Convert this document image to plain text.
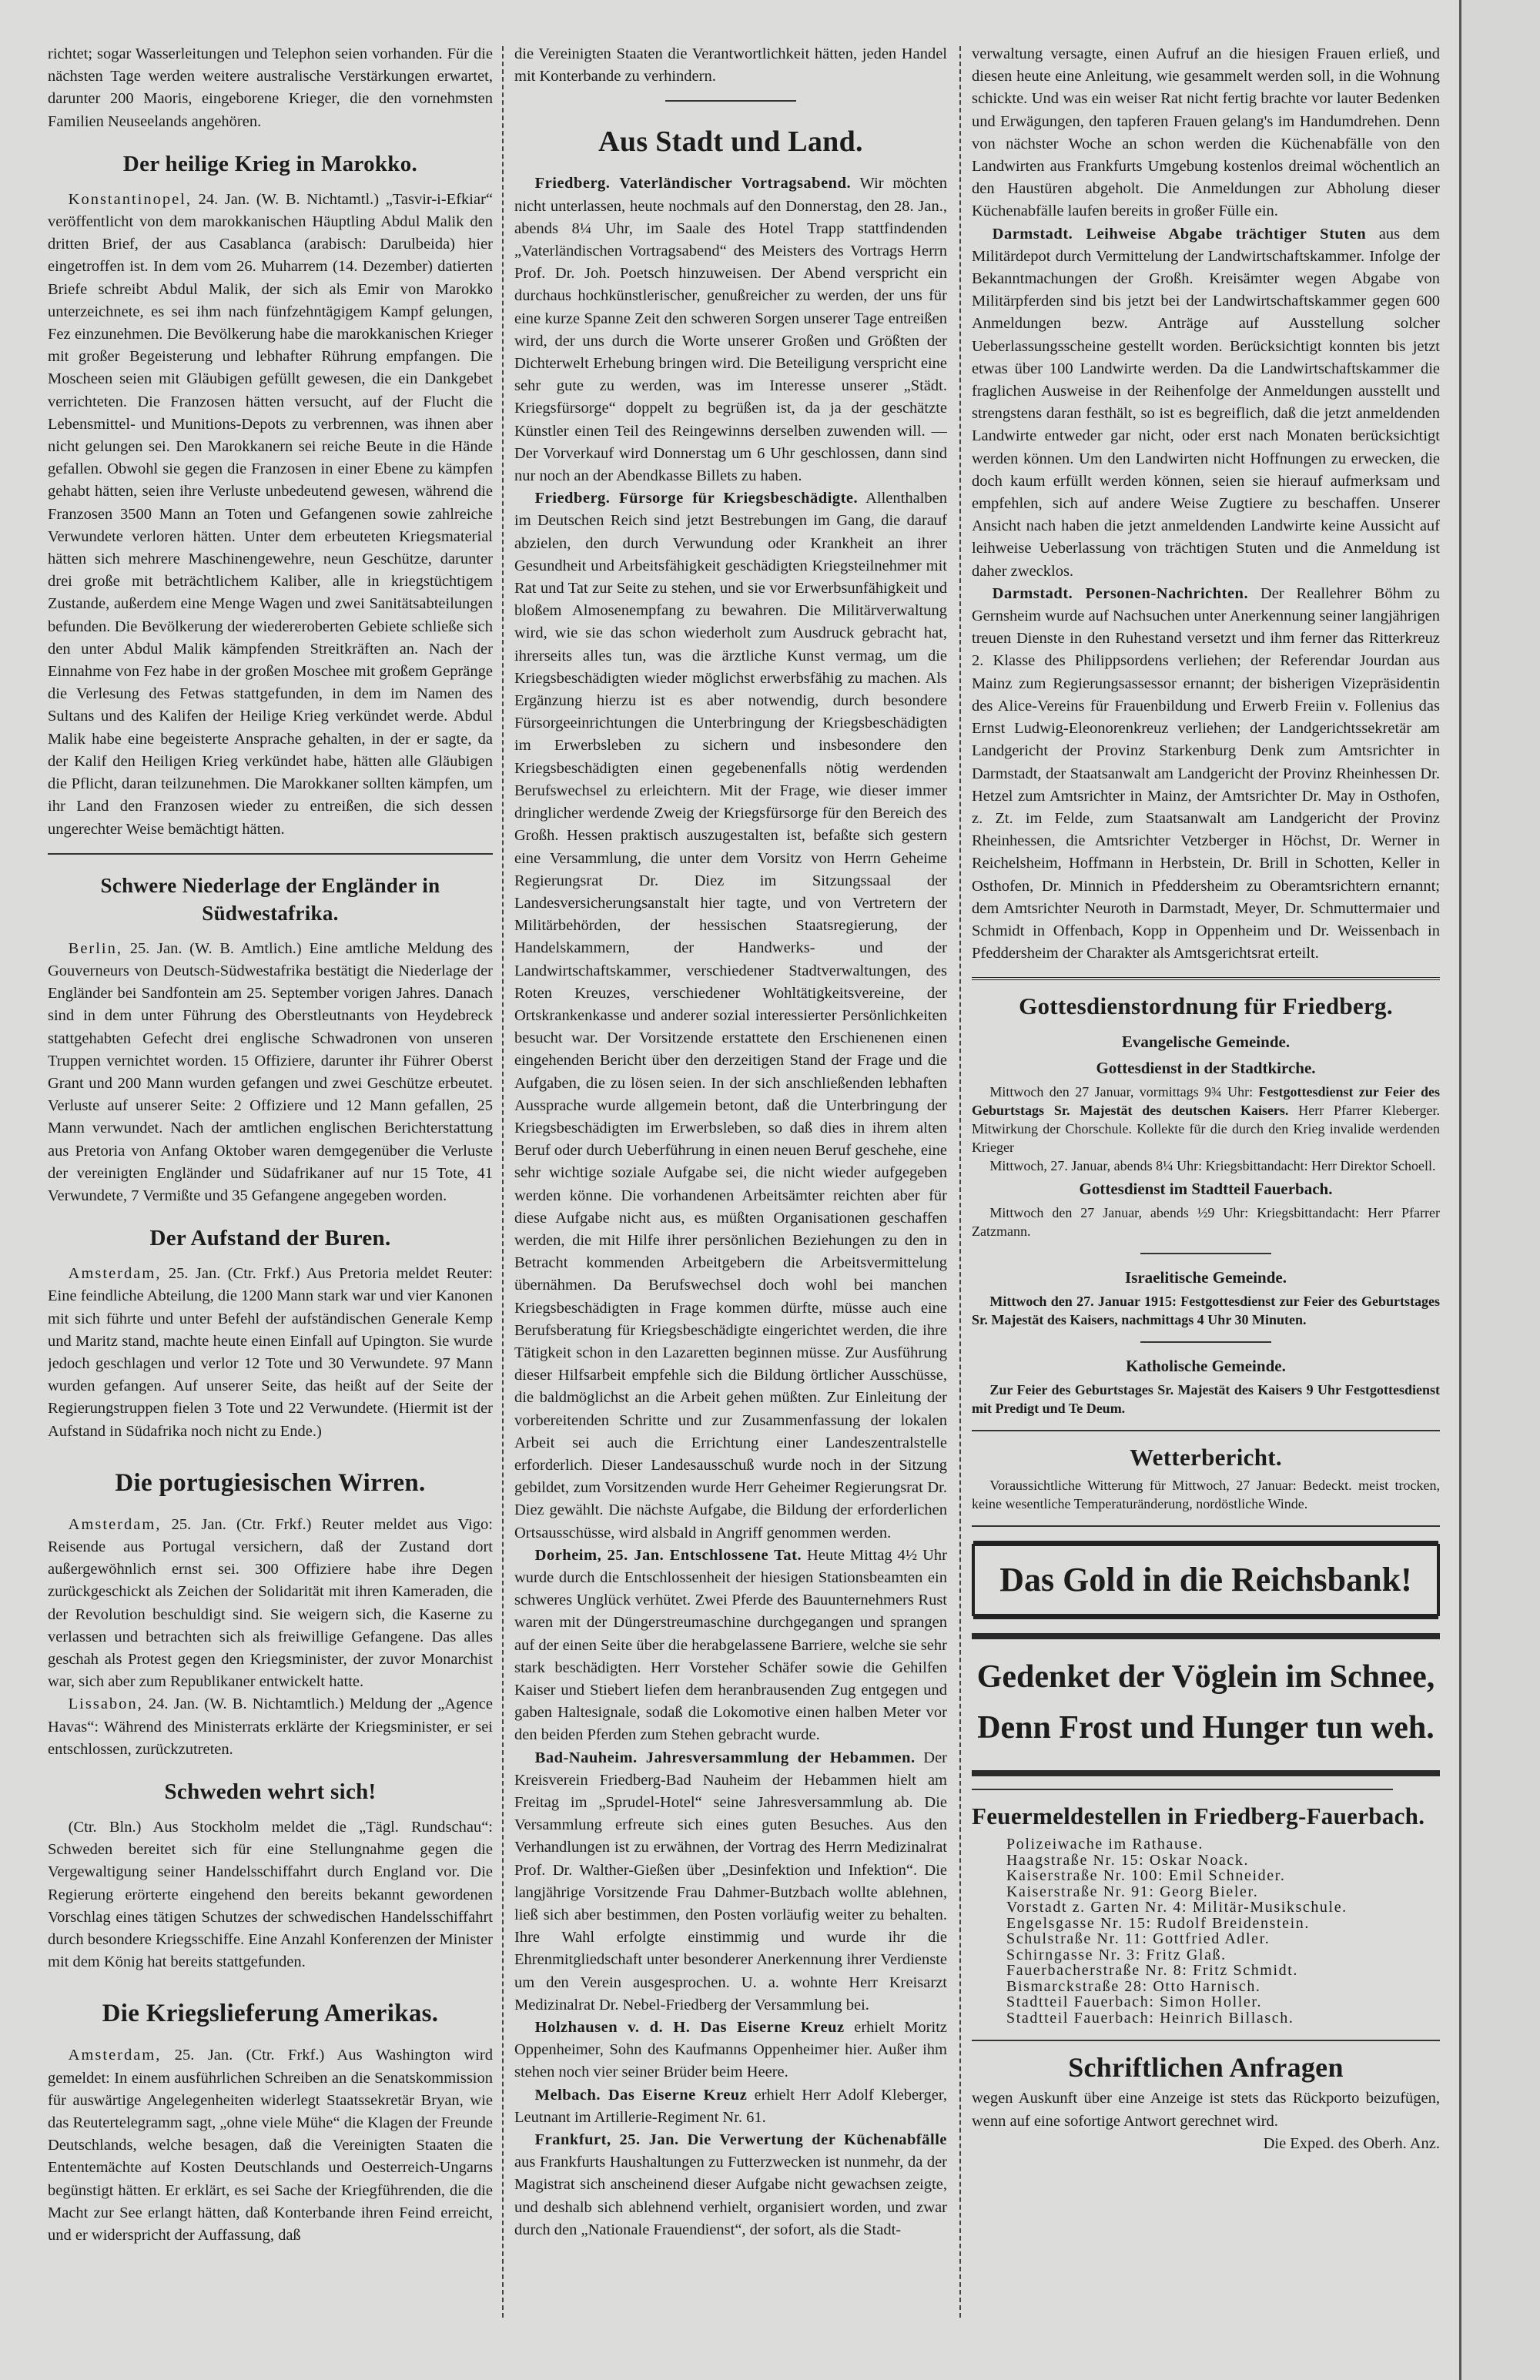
richtet; sogar Wasserleitungen und Telephon seien vorhanden. Für die nächsten Tage werden weitere australische Verstärkungen erwartet, darunter 200 Maoris, eingeborene Krieger, die den vornehmsten Familien Neuseelands angehören.

Der heilige Krieg in Marokko.

Konstantinopel, 24. Jan. (W. B. Nichtamtl.) „Tasvir-i-Efkiar“ veröffentlicht von dem marokkanischen Häuptling Abdul Malik den dritten Brief, der aus Casablanca (arabisch: Darulbeida) hier eingetroffen ist. In dem vom 26. Muharrem (14. Dezember) datierten Briefe schreibt Abdul Malik, der sich als Emir von Marokko unterzeichnete, es sei ihm nach fünfzehntägigem Kampf gelungen, Fez einzunehmen. Die Bevölkerung habe die marokkanischen Krieger mit großer Begeisterung und lebhafter Rührung empfangen. Die Moscheen seien mit Gläubigen gefüllt gewesen, die ein Dankgebet verrichteten. Die Franzosen hätten versucht, auf der Flucht die Lebensmittel- und Munitions-Depots zu verbrennen, was ihnen aber nicht gelungen sei. Den Marokkanern sei reiche Beute in die Hände gefallen. Obwohl sie gegen die Franzosen in einer Ebene zu kämpfen gehabt hätten, seien ihre Verluste unbedeutend gewesen, während die Franzosen 3500 Mann an Toten und Gefangenen sowie zahlreiche Verwundete verloren hätten. Unter dem erbeuteten Kriegsmaterial hätten sich mehrere Maschinengewehre, neun Geschütze, darunter drei große mit beträchtlichem Kaliber, alle in kriegstüchtigem Zustande, außerdem eine Menge Wagen und zwei Sanitätsabteilungen befunden. Die Bevölkerung der wiedereroberten Gebiete schließe sich den unter Abdul Malik kämpfenden Streitkräften an. Nach der Einnahme von Fez habe in der großen Moschee mit großem Gepränge die Verlesung des Fetwas stattgefunden, in dem im Namen des Sultans und des Kalifen der Heilige Krieg verkündet werde. Abdul Malik habe eine begeisterte Ansprache gehalten, in der er sagte, da der Kalif den Heiligen Krieg verkündet habe, hätten alle Gläubigen die Pflicht, daran teilzunehmen. Die Marokkaner sollten kämpfen, um ihr Land den Franzosen wieder zu entreißen, die sich dessen ungerechter Weise bemächtigt hätten.

Schwere Niederlage der Engländer in Südwestafrika.

Berlin, 25. Jan. (W. B. Amtlich.) Eine amtliche Meldung des Gouverneurs von Deutsch-Südwestafrika bestätigt die Niederlage der Engländer bei Sandfontein am 25. September vorigen Jahres. Danach sind in dem unter Führung des Oberstleutnants von Heydebreck stattgehabten Gefecht drei englische Schwadronen von unseren Truppen vernichtet worden. 15 Offiziere, darunter ihr Führer Oberst Grant und 200 Mann wurden gefangen und zwei Geschütze erbeutet. Verluste auf unserer Seite: 2 Offiziere und 12 Mann gefallen, 25 Mann verwundet. Nach der amtlichen englischen Berichterstattung aus Pretoria von Anfang Oktober waren demgegenüber die Verluste der vereinigten Engländer und Südafrikaner auf nur 15 Tote, 41 Verwundete, 7 Vermißte und 35 Gefangene angegeben worden.

Der Aufstand der Buren.

Amsterdam, 25. Jan. (Ctr. Frkf.) Aus Pretoria meldet Reuter: Eine feindliche Abteilung, die 1200 Mann stark war und vier Kanonen mit sich führte und unter Befehl der aufständischen Generale Kemp und Maritz stand, machte heute einen Einfall auf Upington. Sie wurde jedoch geschlagen und verlor 12 Tote und 30 Verwundete. 97 Mann wurden gefangen. Auf unserer Seite, das heißt auf der Seite der Regierungstruppen fielen 3 Tote und 22 Verwundete. (Hiermit ist der Aufstand in Südafrika noch nicht zu Ende.)

Die portugiesischen Wirren.

Amsterdam, 25. Jan. (Ctr. Frkf.) Reuter meldet aus Vigo: Reisende aus Portugal versichern, daß der Zustand dort außergewöhnlich ernst sei. 300 Offiziere habe ihre Degen zurückgeschickt als Zeichen der Solidarität mit ihren Kameraden, die der Revolution beschuldigt sind. Sie weigern sich, die Kaserne zu verlassen und betrachten sich als freiwillige Gefangene. Das alles geschah als Protest gegen den Kriegsminister, der zuvor Monarchist war, sich aber zum Republikaner entwickelt hatte.

Lissabon, 24. Jan. (W. B. Nichtamtlich.) Meldung der „Agence Havas“: Während des Ministerrats erklärte der Kriegsminister, er sei entschlossen, zurückzutreten.

Schweden wehrt sich!

(Ctr. Bln.) Aus Stockholm meldet die „Tägl. Rundschau“: Schweden bereitet sich für eine Stellungnahme gegen die Vergewaltigung seiner Handelsschiffahrt durch England vor. Die Regierung erörterte eingehend den bereits bekannt gewordenen Vorschlag eines tätigen Schutzes der schwedischen Handelsschiffahrt durch besondere Kriegsschiffe. Eine Anzahl Konferenzen der Minister mit dem König hat bereits stattgefunden.

Die Kriegslieferung Amerikas.

Amsterdam, 25. Jan. (Ctr. Frkf.) Aus Washington wird gemeldet: In einem ausführlichen Schreiben an die Senatskommission für auswärtige Angelegenheiten widerlegt Staatssekretär Bryan, wie das Reutertelegramm sagt, „ohne viele Mühe“ die Klagen der Freunde Deutschlands, welche besagen, daß die Vereinigten Staaten die Ententemächte auf Kosten Deutschlands und Oesterreich-Ungarns begünstigt hätten. Er erklärt, es sei Sache der Kriegführenden, die die Macht zur See erlangt hätten, daß Konterbande ihren Feind erreicht, und er widerspricht der Auffassung, daß

die Vereinigten Staaten die Verantwortlichkeit hätten, jeden Handel mit Konterbande zu verhindern.

Aus Stadt und Land.

Friedberg. Vaterländischer Vortragsabend. Wir möchten nicht unterlassen, heute nochmals auf den Donnerstag, den 28. Jan., abends 8¼ Uhr, im Saale des Hotel Trapp stattfindenden „Vaterländischen Vortragsabend“ des Meisters des Vortrags Herrn Prof. Dr. Joh. Poetsch hinzuweisen. Der Abend verspricht ein durchaus hochkünstlerischer, genußreicher zu werden, der uns für eine kurze Spanne Zeit den schweren Sorgen unserer Tage entreißen wird, der uns durch die Worte unserer Großen und Größten der Dichterwelt Erhebung bringen wird. Die Beteiligung verspricht eine sehr gute zu werden, was im Interesse unserer „Städt. Kriegsfürsorge“ doppelt zu begrüßen ist, da ja der geschätzte Künstler einen Teil des Reingewinns derselben zuwenden will. — Der Vorverkauf wird Donnerstag um 6 Uhr geschlossen, dann sind nur noch an der Abendkasse Billets zu haben.

Friedberg. Fürsorge für Kriegsbeschädigte. Allenthalben im Deutschen Reich sind jetzt Bestrebungen im Gang, die darauf abzielen, den durch Verwundung oder Krankheit an ihrer Gesundheit und Arbeitsfähigkeit geschädigten Kriegsteilnehmer mit Rat und Tat zur Seite zu stehen, und sie vor Erwerbsunfähigkeit und bloßem Almosenempfang zu bewahren. Die Militärverwaltung wird, wie sie das schon wiederholt zum Ausdruck gebracht hat, ihrerseits alles tun, was die ärztliche Kunst vermag, um die Kriegsbeschädigten wieder möglichst erwerbsfähig zu machen. Als Ergänzung hierzu ist es aber notwendig, durch besondere Fürsorgeeinrichtungen die Unterbringung der Kriegsbeschädigten im Erwerbsleben zu sichern und insbesondere den Kriegsbeschädigten einen gegebenenfalls nötig werdenden Berufswechsel zu erleichtern. Mit der Frage, wie dieser immer dringlicher werdende Zweig der Kriegsfürsorge für den Bereich des Großh. Hessen praktisch auszugestalten ist, befaßte sich gestern eine Versammlung, die unter dem Vorsitz von Herrn Geheime Regierungsrat Dr. Diez im Sitzungssaal der Landesversicherungsanstalt hier tagte, und von Vertretern der Militärbehörden, der hessischen Staatsregierung, der Handelskammern, der Handwerks- und der Landwirtschaftskammer, verschiedener Stadtverwaltungen, des Roten Kreuzes, verschiedener Wohltätigkeitsvereine, der Ortskrankenkasse und anderer sozial interessierter Persönlichkeiten besucht war. Der Vorsitzende erstattete den Erschienenen einen eingehenden Bericht über den derzeitigen Stand der Frage und die Aufgaben, die zu lösen seien. In der sich anschließenden lebhaften Aussprache wurde allgemein betont, daß die Unterbringung der Kriegsbeschädigten im Erwerbsleben, so daß dies in ihrem alten Beruf oder durch Ueberführung in einen neuen Beruf geschehe, eine sehr wichtige soziale Aufgabe sei, die nicht wieder aufgegeben werden könne. Die vorhandenen Arbeitsämter reichten aber für diese Aufgabe nicht aus, es müßten Organisationen geschaffen werden, die mit Hilfe ihrer persönlichen Beziehungen zu den in Betracht kommenden Arbeitgebern die Arbeitsvermittelung übernähmen. Da Berufswechsel doch wohl bei manchen Kriegsbeschädigten in Frage kommen dürfte, müsse auch eine Berufsberatung für Kriegsbeschädigte eingerichtet werden, die ihre Tätigkeit schon in den Lazaretten beginnen müsse. Zur Ausführung dieser Hilfsarbeit empfehle sich die Bildung örtlicher Ausschüsse, die baldmöglichst an die Arbeit gehen müßten. Zur Einleitung der vorbereitenden Schritte und zur Zusammenfassung der lokalen Arbeit sei auch die Errichtung einer Landeszentralstelle erforderlich. Dieser Landesausschuß wurde noch in der Sitzung gebildet, zum Vorsitzenden wurde Herr Geheimer Regierungsrat Dr. Diez gewählt. Die nächste Aufgabe, die Bildung der erforderlichen Ortsausschüsse, wird alsbald in Angriff genommen werden.

Dorheim, 25. Jan. Entschlossene Tat. Heute Mittag 4½ Uhr wurde durch die Entschlossenheit der hiesigen Stationsbeamten ein schweres Unglück verhütet. Zwei Pferde des Bauunternehmers Rust waren mit der Düngerstreumaschine durchgegangen und sprangen auf der einen Seite über die herabgelassene Barriere, welche sie sehr stark beschädigten. Herr Vorsteher Schäfer sowie die Gehilfen Kaiser und Stiebert liefen dem heranbrausenden Zug entgegen und gaben Haltesignale, sodaß die Lokomotive einen halben Meter vor den beiden Pferden zum Stehen gebracht wurde.

Bad-Nauheim. Jahresversammlung der Hebammen. Der Kreisverein Friedberg-Bad Nauheim der Hebammen hielt am Freitag im „Sprudel-Hotel“ seine Jahresversammlung ab. Die Versammlung erfreute sich eines guten Besuches. Aus den Verhandlungen ist zu erwähnen, der Vortrag des Herrn Medizinalrat Prof. Dr. Walther-Gießen über „Desinfektion und Infektion“. Die langjährige Vorsitzende Frau Dahmer-Butzbach wollte ablehnen, ließ sich aber bestimmen, den Posten vorläufig weiter zu behalten. Ihre Wahl erfolgte einstimmig und wurde ihr die Ehrenmitgliedschaft unter besonderer Anerkennung ihrer Verdienste um den Verein ausgesprochen. U. a. wohnte Herr Kreisarzt Medizinalrat Dr. Nebel-Friedberg der Versammlung bei.

Holzhausen v. d. H. Das Eiserne Kreuz erhielt Moritz Oppenheimer, Sohn des Kaufmanns Oppenheimer hier. Außer ihm stehen noch vier seiner Brüder beim Heere.

Melbach. Das Eiserne Kreuz erhielt Herr Adolf Kleberger, Leutnant im Artillerie-Regiment Nr. 61.

Frankfurt, 25. Jan. Die Verwertung der Küchenabfälle aus Frankfurts Haushaltungen zu Futterzwecken ist nunmehr, da der Magistrat sich anscheinend dieser Aufgabe nicht gewachsen zeigte, und deshalb sich ablehnend verhielt, organisiert worden, und zwar durch den „Nationale Frauendienst“, der sofort, als die Stadt-

verwaltung versagte, einen Aufruf an die hiesigen Frauen erließ, und diesen heute eine Anleitung, wie gesammelt werden soll, in die Wohnung schickte. Und was ein weiser Rat nicht fertig brachte vor lauter Bedenken und Erwägungen, den tapferen Frauen gelang's im Handumdrehen. Denn von nächster Woche an schon werden die Küchenabfälle von den Landwirten aus Frankfurts Umgebung kostenlos dreimal wöchentlich an den Haustüren abgeholt. Die Anmeldungen zur Abholung dieser Küchenabfälle laufen bereits in großer Fülle ein.

Darmstadt. Leihweise Abgabe trächtiger Stuten aus dem Militärdepot durch Vermittelung der Landwirtschaftskammer. Infolge der Bekanntmachungen der Großh. Kreisämter wegen Abgabe von Militärpferden sind bis jetzt bei der Landwirtschaftskammer gegen 600 Anmeldungen bezw. Anträge auf Ausstellung solcher Ueberlassungsscheine gestellt worden. Berücksichtigt konnten bis jetzt etwas über 100 Landwirte werden. Da die Landwirtschaftskammer die fraglichen Ausweise in der Reihenfolge der Anmeldungen ausstellt und strengstens daran festhält, so ist es begreiflich, daß die jetzt anmeldenden Landwirte entweder gar nicht, oder erst nach Monaten berücksichtigt werden können. Um den Landwirten nicht Hoffnungen zu erwecken, die doch kaum erfüllt werden können, seien sie hierauf aufmerksam und empfehlen, sich auf andere Weise Zugtiere zu beschaffen. Unserer Ansicht nach haben die jetzt anmeldenden Landwirte keine Aussicht auf leihweise Ueberlassung von trächtigen Stuten und die Anmeldung ist daher zwecklos.

Darmstadt. Personen-Nachrichten. Der Reallehrer Böhm zu Gernsheim wurde auf Nachsuchen unter Anerkennung seiner langjährigen treuen Dienste in den Ruhestand versetzt und ihm ferner das Ritterkreuz 2. Klasse des Philippsordens verliehen; der Referendar Jourdan aus Mainz zum Regierungsassessor ernannt; der bisherigen Vizepräsidentin des Alice-Vereins für Frauenbildung und Erwerb Freiin v. Follenius das Ernst Ludwig-Eleonorenkreuz verliehen; der Landgerichtssekretär am Landgericht der Provinz Starkenburg Denk zum Amtsrichter in Darmstadt, der Staatsanwalt am Landgericht der Provinz Rheinhessen Dr. Hetzel zum Amtsrichter in Mainz, der Amtsrichter Dr. May in Osthofen, z. Zt. im Felde, zum Staatsanwalt am Landgericht der Provinz Rheinhessen, die Amtsrichter Vetzberger in Höchst, Dr. Werner in Reichelsheim, Hoffmann in Herbstein, Dr. Brill in Schotten, Keller in Osthofen, Dr. Minnich in Pfeddersheim zu Oberamtsrichtern ernannt; dem Amtsrichter Neuroth in Darmstadt, Meyer, Dr. Schmuttermaier und Schmidt in Offenbach, Kopp in Oppenheim und Dr. Weissenbach in Pfeddersheim der Charakter als Amtsgerichtsrat erteilt.

Gottesdienstordnung für Friedberg.
Evangelische Gemeinde.
Gottesdienst in der Stadtkirche.

Mittwoch den 27 Januar, vormittags 9¾ Uhr: Festgottesdienst zur Feier des Geburtstags Sr. Majestät des deutschen Kaisers. Herr Pfarrer Kleberger. Mitwirkung der Chorschule. Kollekte für die durch den Krieg invalide werdenden Krieger

Mittwoch, 27. Januar, abends 8¼ Uhr: Kriegsbittandacht: Herr Direktor Schoell.

Gottesdienst im Stadtteil Fauerbach.

Mittwoch den 27 Januar, abends ½9 Uhr: Kriegsbittandacht: Herr Pfarrer Zatzmann.

Israelitische Gemeinde.

Mittwoch den 27. Januar 1915: Festgottesdienst zur Feier des Geburtstages Sr. Majestät des Kaisers, nachmittags 4 Uhr 30 Minuten.

Katholische Gemeinde.

Zur Feier des Geburtstages Sr. Majestät des Kaisers 9 Uhr Festgottesdienst mit Predigt und Te Deum.

Wetterbericht.

Voraussichtliche Witterung für Mittwoch, 27 Januar: Bedeckt. meist trocken, keine wesentliche Temperaturänderung, nordöstliche Winde.

Das Gold in die Reichsbank!
Gedenket der Vöglein im Schnee,
Denn Frost und Hunger tun weh.
Feuermeldestellen in Friedberg-Fauerbach.
Polizeiwache im Rathause.
Haagstraße Nr. 15: Oskar Noack.
Kaiserstraße Nr. 100: Emil Schneider.
Kaiserstraße Nr. 91: Georg Bieler.
Vorstadt z. Garten Nr. 4: Militär-Musikschule.
Engelsgasse Nr. 15: Rudolf Breidenstein.
Schulstraße Nr. 11: Gottfried Adler.
Schirngasse Nr. 3: Fritz Glaß.
Fauerbacherstraße Nr. 8: Fritz Schmidt.
Bismarckstraße 28: Otto Harnisch.
Stadtteil Fauerbach: Simon Holler.
Stadtteil Fauerbach: Heinrich Billasch.
Schriftlichen Anfragen

wegen Auskunft über eine Anzeige ist stets das Rückporto beizufügen, wenn auf eine sofortige Antwort gerechnet wird.

Die Exped. des Oberh. Anz.
